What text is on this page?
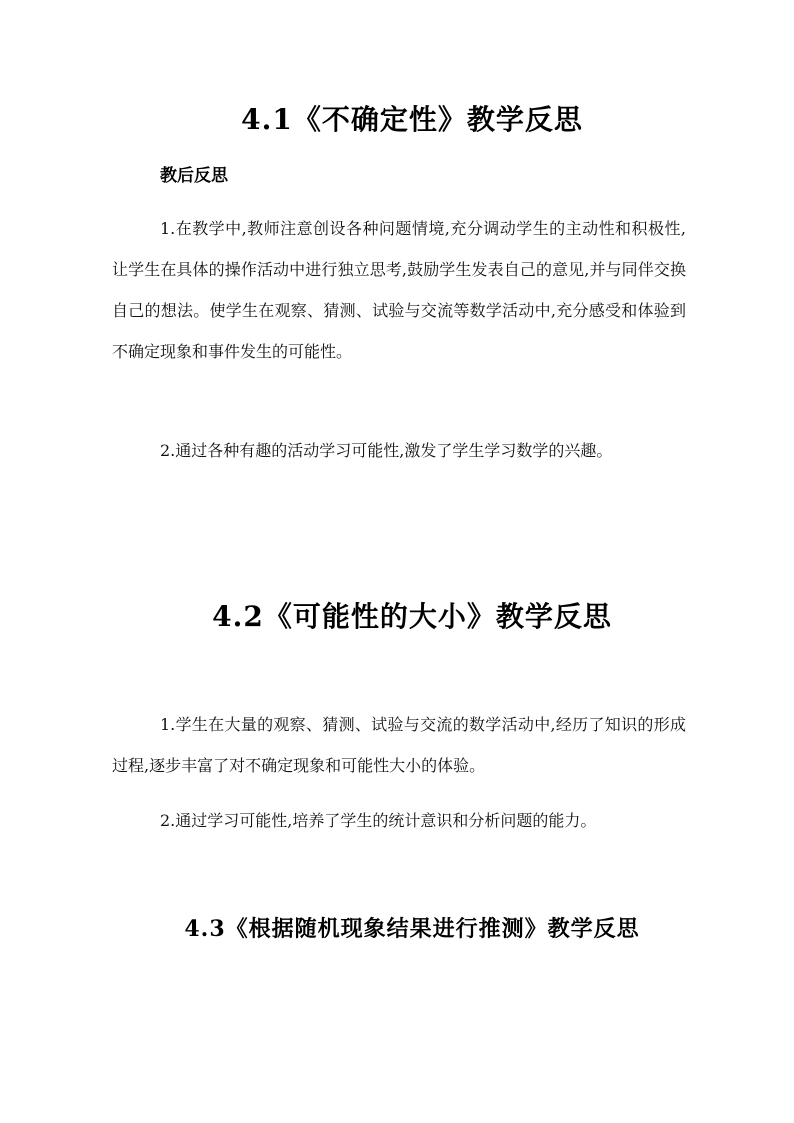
4.1《不确定性》教学反思
教后反思
1.在教学中,教师注意创设各种问题情境,充分调动学生的主动性和积极性,让学生在具体的操作活动中进行独立思考,鼓励学生发表自己的意见,并与同伴交换自己的想法。使学生在观察、猜测、试验与交流等数学活动中,充分感受和体验到不确定现象和事件发生的可能性。
2.通过各种有趣的活动学习可能性,激发了学生学习数学的兴趣。
4.2《可能性的大小》教学反思
1.学生在大量的观察、猜测、试验与交流的数学活动中,经历了知识的形成过程,逐步丰富了对不确定现象和可能性大小的体验。
2.通过学习可能性,培养了学生的统计意识和分析问题的能力。
4.3《根据随机现象结果进行推测》教学反思
